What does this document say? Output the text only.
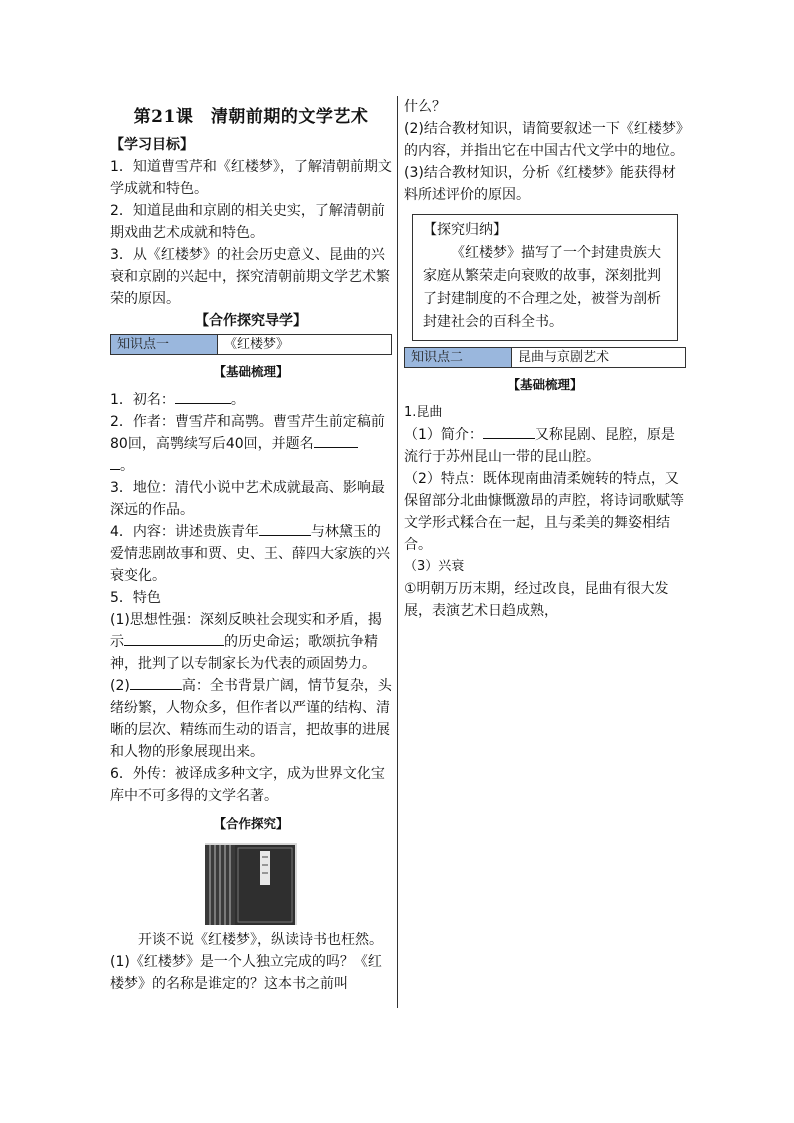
第21课　清朝前期的文学艺术

【学习目标】

1．知道曹雪芹和《红楼梦》，了解清朝前期文学成就和特色。

2．知道昆曲和京剧的相关史实，了解清朝前期戏曲艺术成就和特色。

3．从《红楼梦》的社会历史意义、昆曲的兴衰和京剧的兴起中，探究清朝前期文学艺术繁荣的原因。

【合作探究导学】

知识点一	《红楼梦》

【基础梳理】

1．初名：	。

2．作者：曹雪芹和高鹗。曹雪芹生前定稿前80回，高鹗续写后40回，并题名
。

3．地位：清代小说中艺术成就最高、影响最深远的作品。

4．内容：讲述贵族青年	与林黛玉的爱情悲剧故事和贾、史、王、薛四大家族的兴衰变化。

5．特色

(1)思想性强：深刻反映社会现实和矛盾，揭示	的历史命运；歌颂抗争精神，批判了以专制家长为代表的顽固势力。

(2)	高：全书背景广阔，情节复杂，头绪纷繁，人物众多，但作者以严谨的结构、清晰的层次、精练而生动的语言，把故事的进展和人物的形象展现出来。

6．外传：被译成多种文字，成为世界文化宝库中不可多得的文学名著。

【合作探究】

开谈不说《红楼梦》，纵读诗书也枉然。

(1)《红楼梦》是一个人独立完成的吗？《红楼梦》的名称是谁定的？这本书之前叫

什么？

(2)结合教材知识，请简要叙述一下《红楼梦》的内容，并指出它在中国古代文学中的地位。

(3)结合教材知识，分析《红楼梦》能获得材料所述评价的原因。

【探究归纳】

《红楼梦》描写了一个封建贵族大家庭从繁荣走向衰败的故事，深刻批判了封建制度的不合理之处，被誉为剖析封建社会的百科全书。

知识点二	昆曲与京剧艺术

【基础梳理】

1.昆曲

（1）简介：	又称昆剧、昆腔，原是流行于苏州昆山一带的昆山腔。

（2）特点：既体现南曲清柔婉转的特点，又保留部分北曲慷慨激昂的声腔，将诗词歌赋等文学形式糅合在一起，且与柔美的舞姿相结合。

（3）兴衰

①明朝万历末期，经过改良，昆曲有很大发展，表演艺术日趋成熟，
